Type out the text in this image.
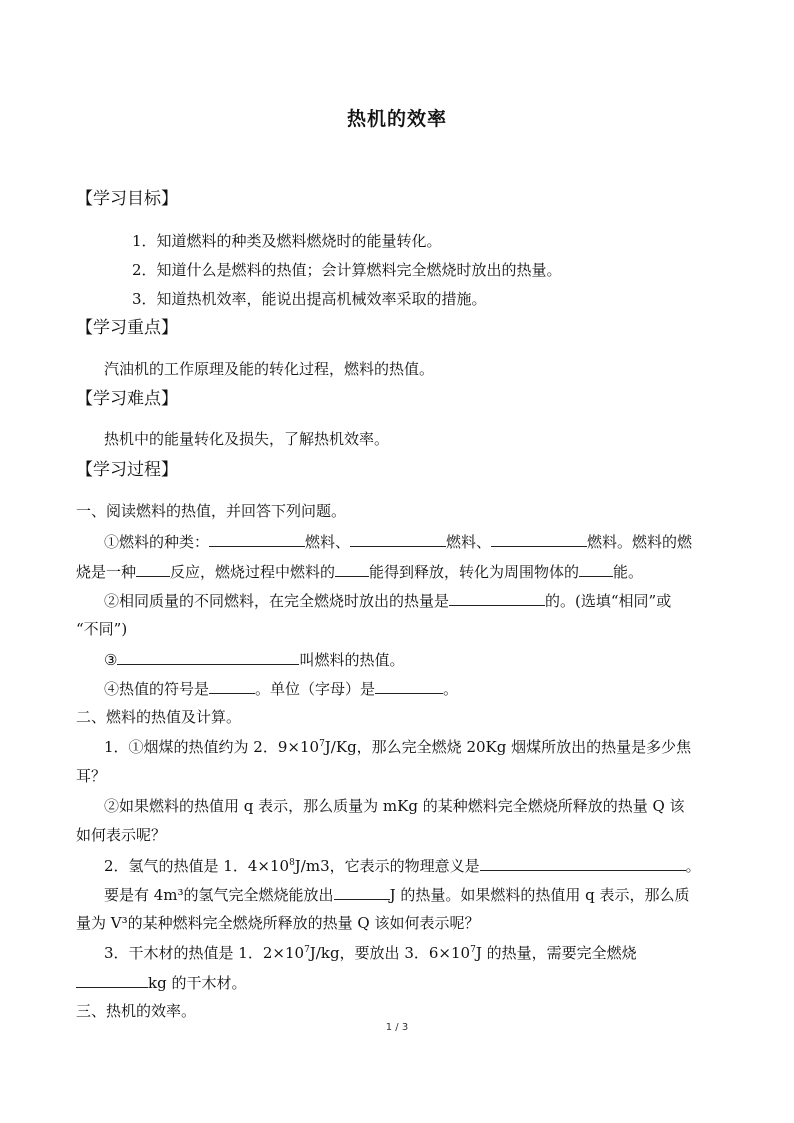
热机的效率
【学习目标】
1．知道燃料的种类及燃料燃烧时的能量转化。
2．知道什么是燃料的热值；会计算燃料完全燃烧时放出的热量。
3．知道热机效率，能说出提高机械效率采取的措施。
【学习重点】
汽油机的工作原理及能的转化过程，燃料的热值。
【学习难点】
热机中的能量转化及损失，了解热机效率。
【学习过程】
一、阅读燃料的热值，并回答下列问题。
①燃料的种类：	燃料、	燃料、	燃料。燃料的燃
烧是一种 反应，燃烧过程中燃料的 能得到释放，转化为周围物体的 能。
②相同质量的不同燃料，在完全燃烧时放出的热量是	的。(选填“相同”或
“不同”)
③	叫燃料的热值。
④热值的符号是	。单位（字母）是	。
二、燃料的热值及计算。
1．①烟煤的热值约为 2．$9\times 10^7J/Kg$，那么完全燃烧 20Kg 烟煤所放出的热量是多少焦
耳？
②如果燃料的热值用 q 表示，那么质量为 mKg 的某种燃料完全燃烧所释放的热量 Q 该
如何表示呢？
2．氢气的热值是 1．$4\times 10^8J/m3$，它表示的物理意义是	。
要是有 4m³的氢气完全燃烧能放出	J 的热量。如果燃料的热值用 q 表示，那么质
量为 V³的某种燃料完全燃烧所释放的热量 Q 该如何表示呢？
3．干木材的热值是 1．$2\times 10^7J/kg$，要放出 3．$6\times 10^7J$ 的热量，需要完全燃烧
kg 的干木材。
三、热机的效率。
1 / 3
